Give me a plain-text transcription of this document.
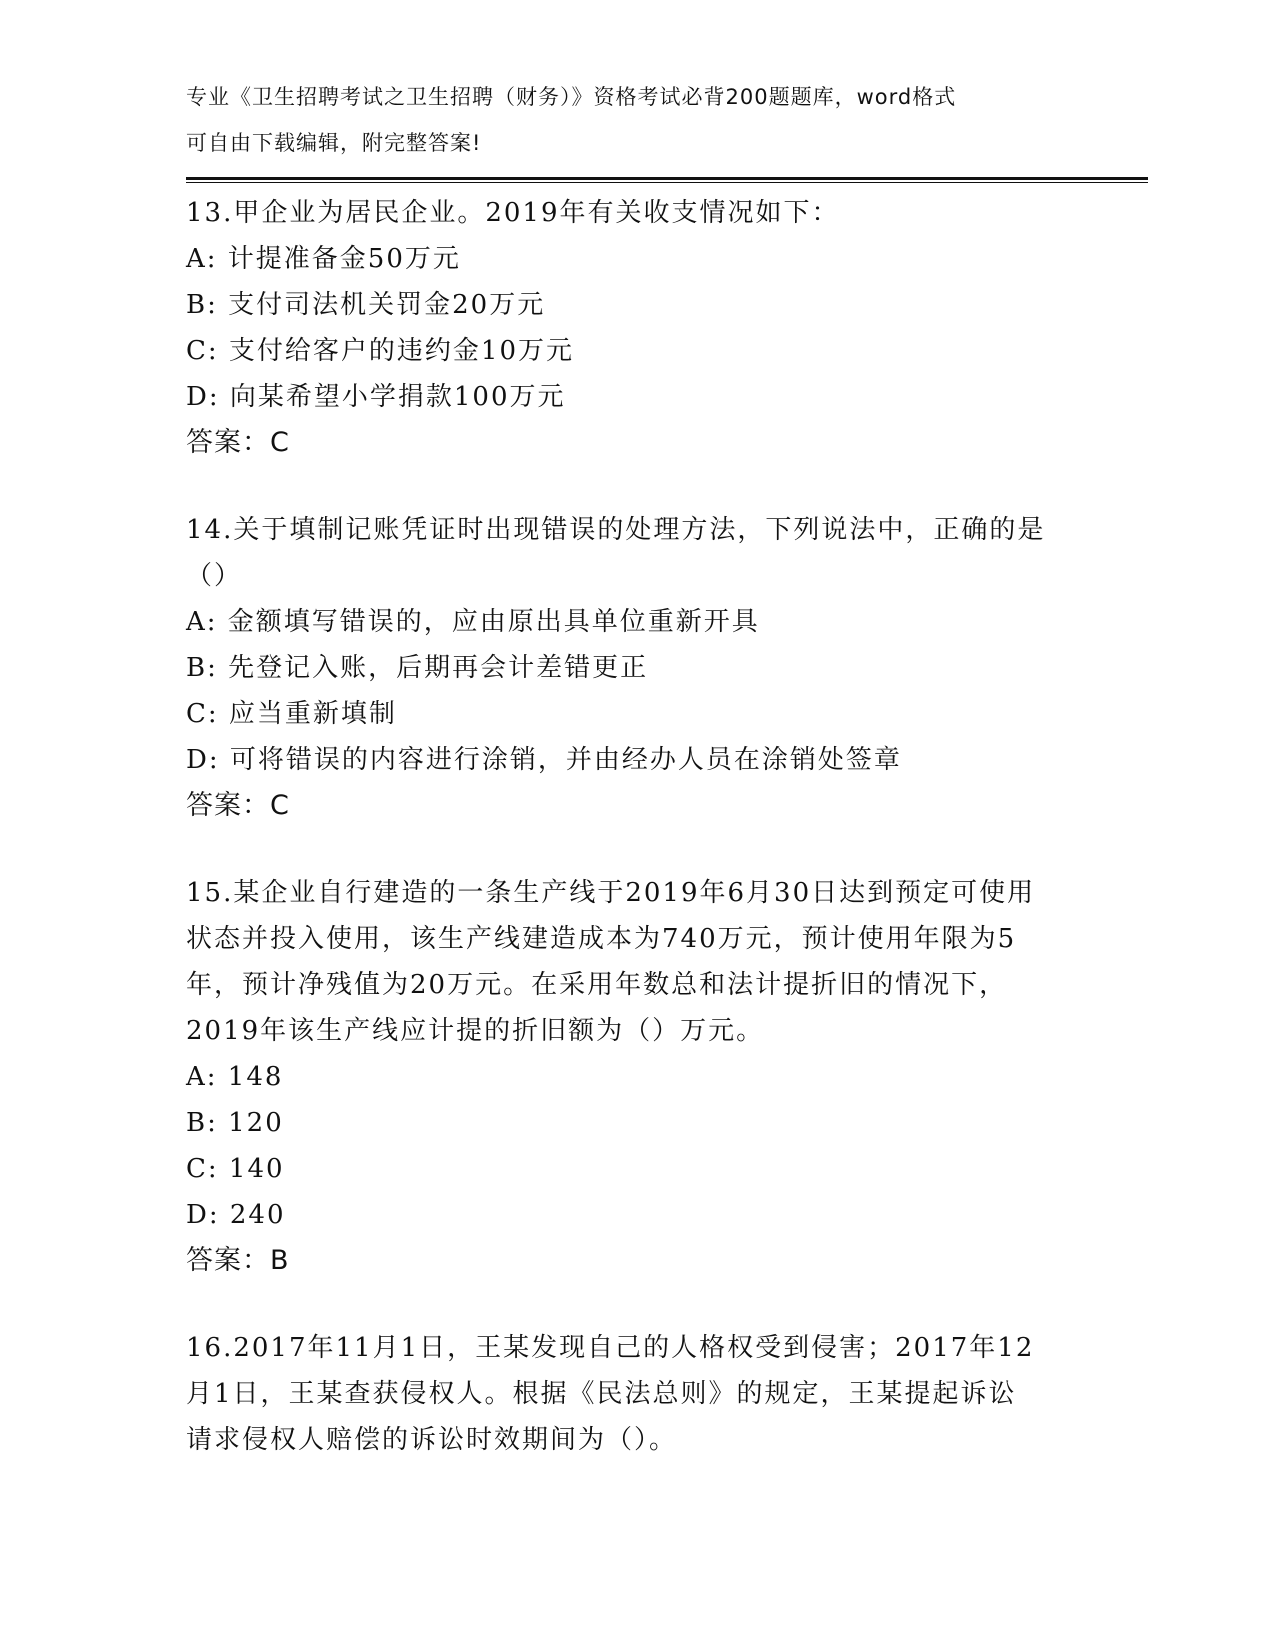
专业《卫生招聘考试之卫生招聘（财务）》资格考试必背200题题库，word格式
可自由下载编辑，附完整答案!
13.甲企业为居民企业。2019年有关收支情况如下：
A: 计提准备金50万元
B: 支付司法机关罚金20万元
C: 支付给客户的违约金10万元
D: 向某希望小学捐款100万元
答案：C
14.关于填制记账凭证时出现错误的处理方法，下列说法中，正确的是
（）
A: 金额填写错误的，应由原出具单位重新开具
B: 先登记入账，后期再会计差错更正
C: 应当重新填制
D: 可将错误的内容进行涂销，并由经办人员在涂销处签章
答案：C
15.某企业自行建造的一条生产线于2019年6月30日达到预定可使用
状态并投入使用，该生产线建造成本为740万元，预计使用年限为5
年，预计净残值为20万元。在采用年数总和法计提折旧的情况下，
2019年该生产线应计提的折旧额为（）万元。
A: 148
B: 120
C: 140
D: 240
答案：B
16.2017年11月1日，王某发现自己的人格权受到侵害；2017年12
月1日，王某查获侵权人。根据《民法总则》的规定，王某提起诉讼
请求侵权人赔偿的诉讼时效期间为（）。
